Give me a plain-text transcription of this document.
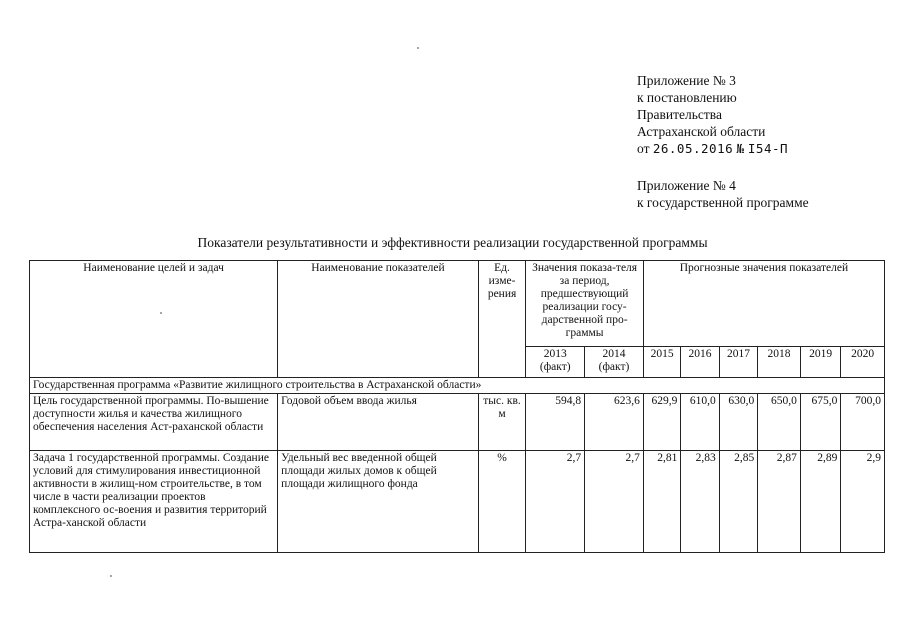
Приложение № 3
к постановлению
Правительства
Астраханской области
от 26.05.2016 № I54-П
Приложение № 4
к государственной программе
Показатели результативности и эффективности реализации государственной программы
Наименование целей и задач	Наименование показателей	Ед. изме-рения	Значения показа-теля за период, предшествующий реализации госу-дарственной про-граммы		Прогнозные значения показателей					
			2013 (факт)	2014 (факт)	2015	2016	2017	2018	2019	2020
Государственная программа «Развитие жилищного строительства в Астраханской области»										
Цель государственной программы. По-вышение доступности жилья и качества жилищного обеспечения населения Аст-раханской области	Годовой объем ввода жилья	тыс. кв. м	594,8	623,6	629,9	610,0	630,0	650,0	675,0	700,0
Задача 1 государственной программы. Создание условий для стимулирования инвестиционной активности в жилищ-ном строительстве, в том числе в части реализации проектов комплексного ос-воения и развития территорий Астра-ханской области	Удельный вес введенной общей площади жилых домов к общей площади жилищного фонда	%	2,7	2,7	2,81	2,83	2,85	2,87	2,89	2,9
